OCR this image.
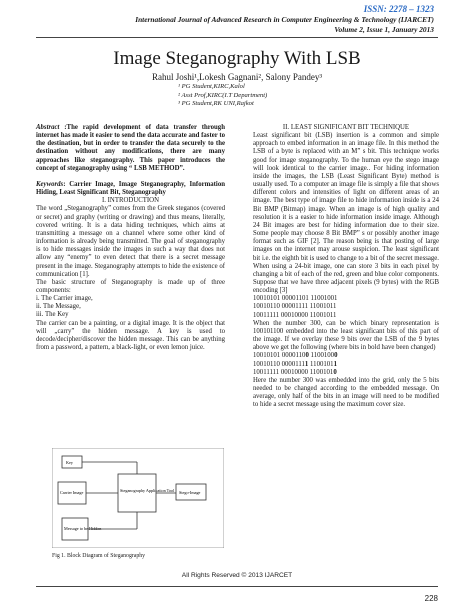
ISSN: 2278 – 1323
International Journal of Advanced Research in Computer Engineering & Technology (IJARCET)
Volume 2, Issue 1, January 2013
Image Steganography With LSB
Rahul Joshi¹,Lokesh Gagnani², Salony Pandey³
¹ PG Student,KIRC,Kalol
² Asst Prof,KIRC(I.T Department)
³ PG Student,RK UNI,Rajkot

Abstract :The rapid development of data transfer through internet has made it easier to send the data accurate and faster to the destination, but in order to transfer the data securely to the destination without any modifications, there are many approaches like steganography. This paper introduces the concept of steganography using “ LSB METHOD”.

Keywords: Carrier Image, Image Steganography, Information Hiding, Least Significant Bit, Steganography

I. INTRODUCTION

The word „Steganography” comes from the Greek steganos (covered or secret) and graphy (writing or drawing) and thus means, literally, covered writing. It is a data hiding techniques, which aims at transmitting a message on a channel where some other kind of information is already being transmitted. The goal of steganography is to hide messages inside the images in such a way that does not allow any “enemy” to even detect that there is a secret message present in the image. Steganography attempts to hide the existence of communication [1].

The basic structure of Steganography is made up of three components:

i. The Carrier image,

ii. The Message,

iii. The Key

The carrier can be a painting, or a digital image. It is the object that will „carry” the hidden message. A key is used to decode/decipher/discover the hidden message. This can be anything from a password, a pattern, a black-light, or even lemon juice.

Key
Carrier Image	Steganography Application Tool Stego-Image
Message to be Hidden
Fig 1. Block Diagram of Steganography

II. LEAST SIGNIFICANT BIT TECHNIQUE

Least significant bit (LSB) insertion is a common and simple approach to embed information in an image file. In this method the LSB of a byte is replaced with an M” s bit. This technique works good for image steganography. To the human eye the stego image will look identical to the carrier image.. For hiding information inside the images, the LSB (Least Significant Byte) method is usually used. To a computer an image file is simply a file that shows different colors and intensities of light on different areas of an image. The best type of image file to hide information inside is a 24 Bit BMP (Bitmap) image. When an image is of high quality and resolution it is a easier to hide information inside image. Although 24 Bit images are best for hiding information due to their size. Some people may choose 8 Bit BMP” s or possibly another image format such as GIF [2]. The reason being is that posting of large images on the internet may arouse suspicion. The least significant bit i.e. the eighth bit is used to change to a bit of the secret message. When using a 24-bit image, one can store 3 bits in each pixel by changing a bit of each of the red, green and blue color components. Suppose that we have three adjacent pixels (9 bytes) with the RGB encoding [3]

10010101 00001101 11001001

10010110 00001111 11001011

10011111 00010000 11001011

When the number 300, can be which binary representation is 100101100 embedded into the least significant bits of this part of the image. If we overlay these 9 bits over the LSB of the 9 bytes above we get the following (where bits in bold have been changed)

10010101 00001100 11001000

10010110 00001111 11001011

10011111 00010000 11001010

Here the number 300 was embedded into the grid, only the 5 bits needed to be changed according to the embedded message. On average, only half of the bits in an image will need to be modified to hide a secret message using the maximum cover size.

All Rights Reserved © 2013 IJARCET
228
